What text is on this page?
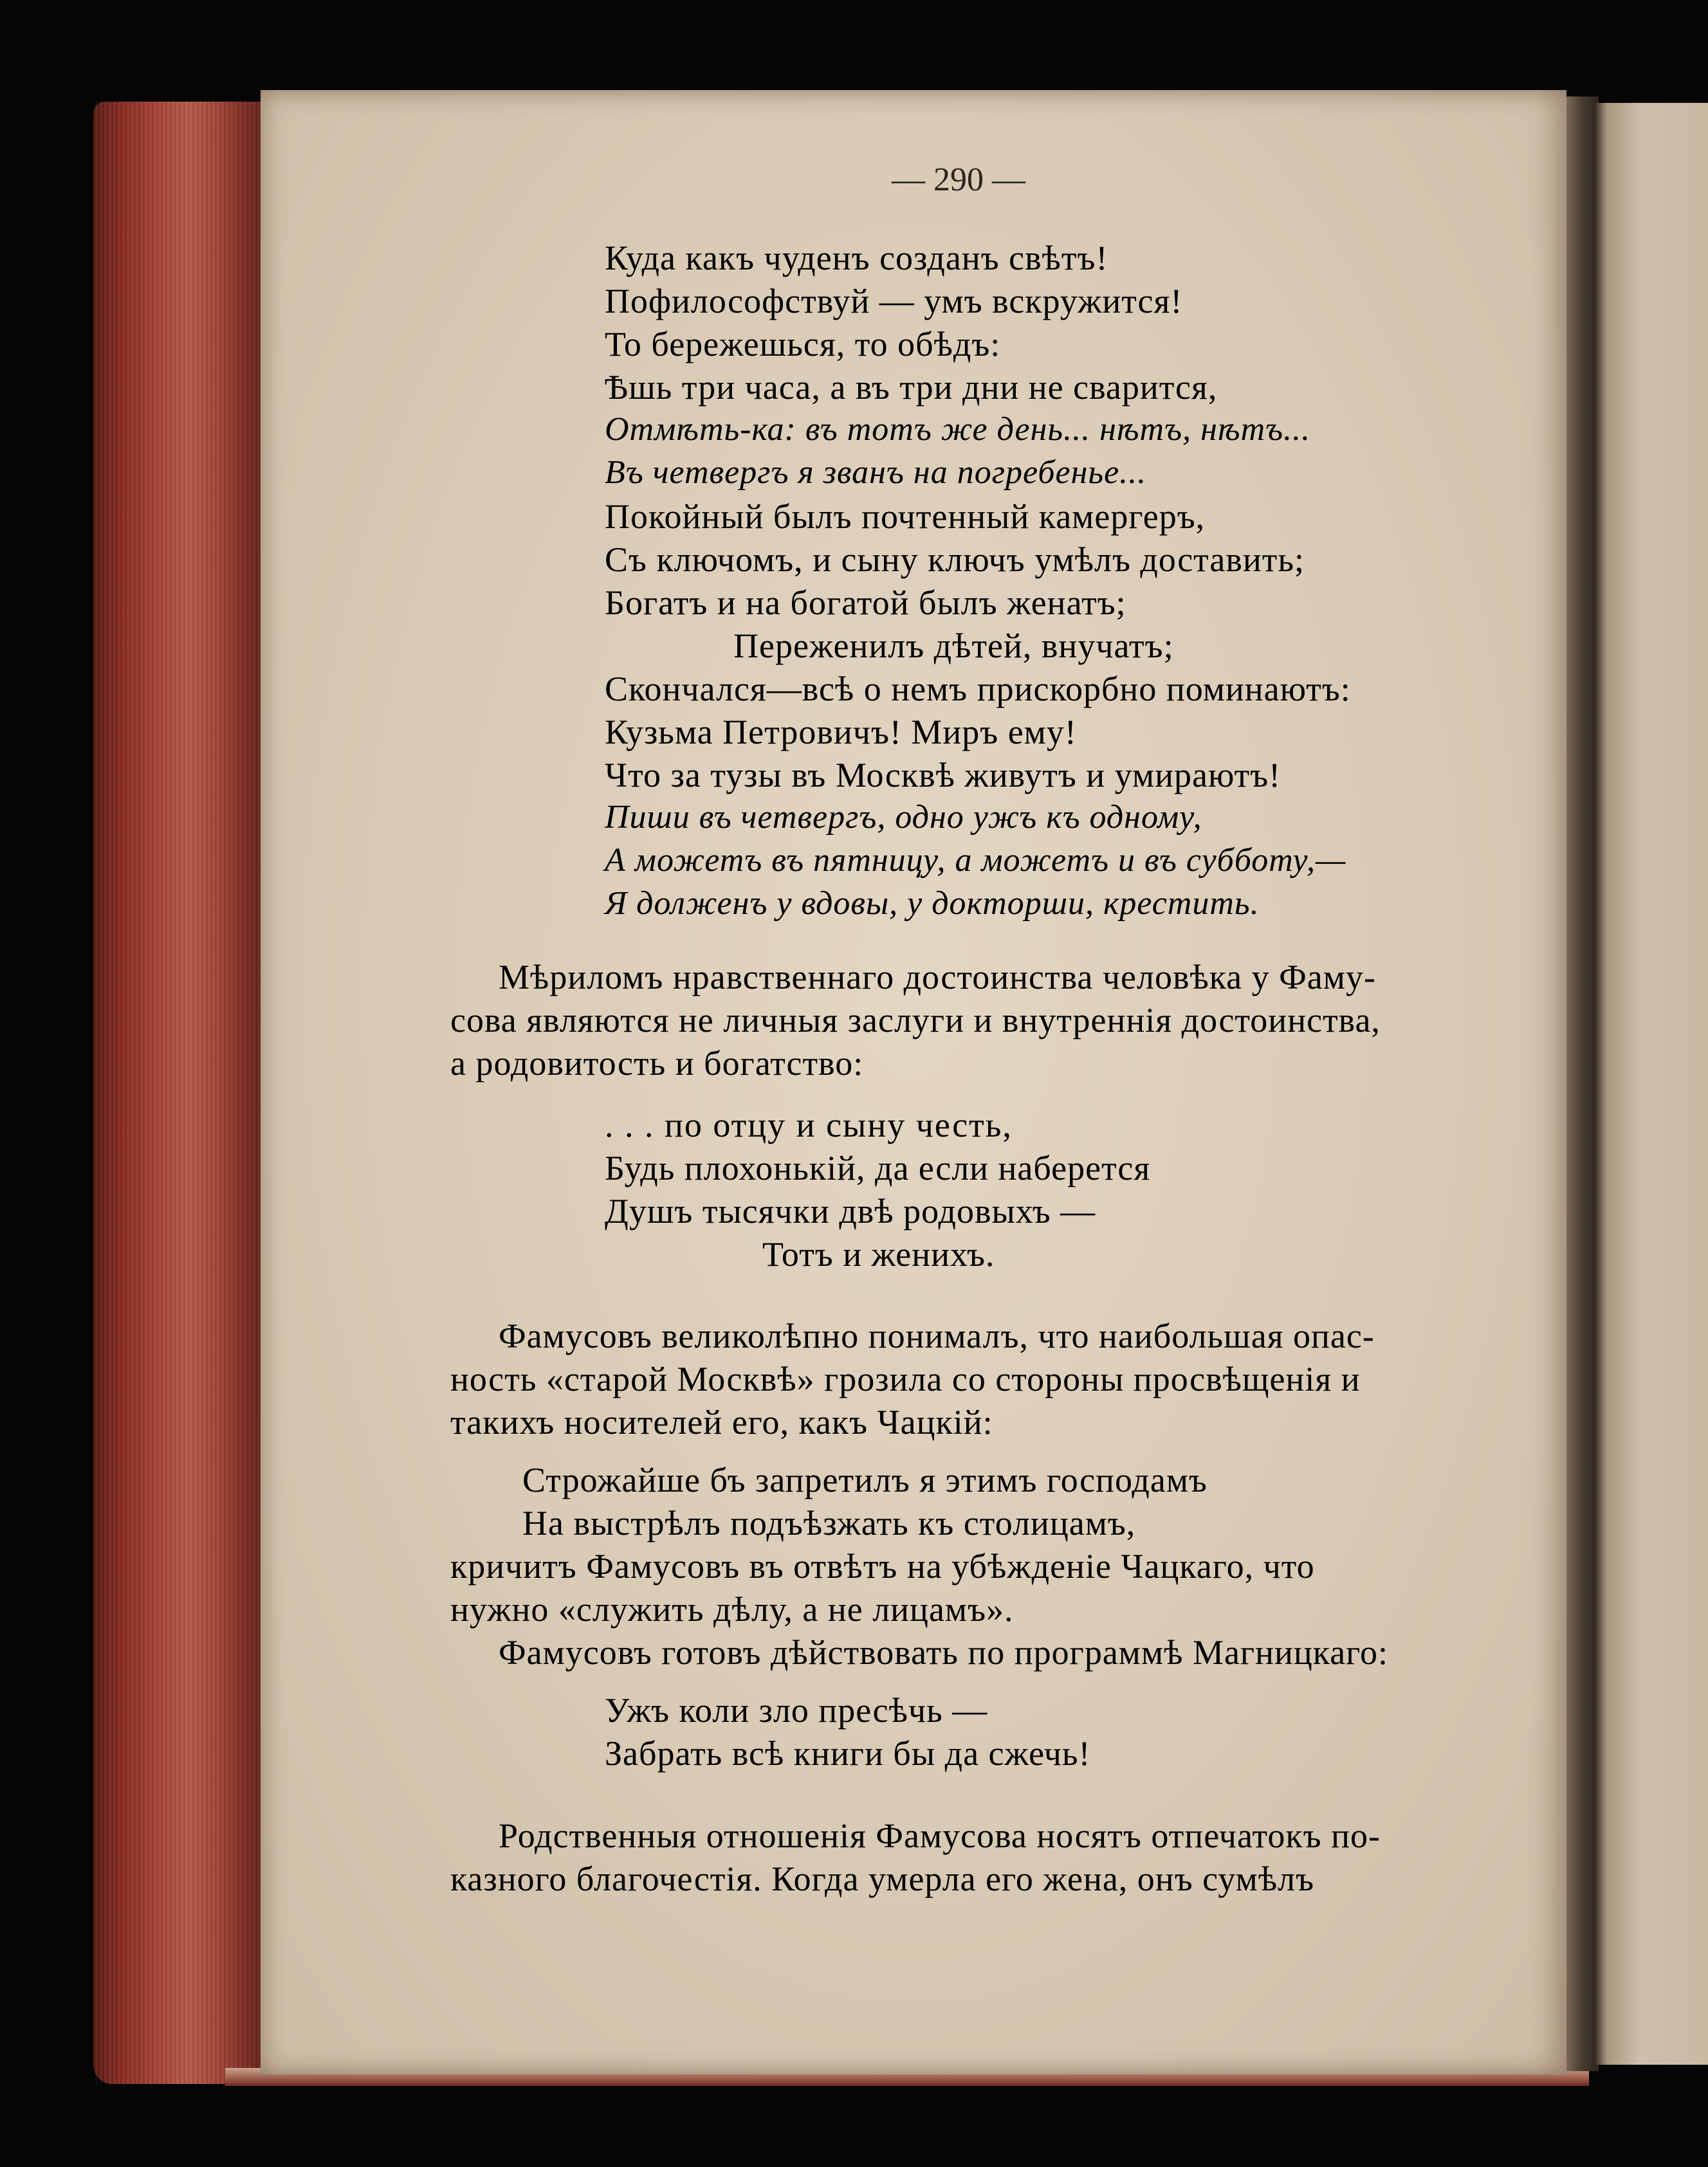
— 290 —
Куда какъ чуденъ созданъ свѣтъ!
Пофилософствуй — умъ вскружится!
То бережешься, то обѣдъ:
Ѣшь три часа, а въ три дни не сварится,
Отмѣть-ка: въ тотъ же день... нѣтъ, нѣтъ...
Въ четвергъ я званъ на погребенье...
Покойный былъ почтенный камергеръ,
Съ ключомъ, и сыну ключъ умѣлъ доставить;
Богатъ и на богатой былъ женатъ;
Переженилъ дѣтей, внучатъ;
Скончался—всѣ о немъ прискорбно поминаютъ:
Кузьма Петровичъ! Миръ ему!
Что за тузы въ Москвѣ живутъ и умираютъ!
Пиши въ четвергъ, одно ужъ къ одному,
А можетъ въ пятницу, а можетъ и въ субботу,—
Я долженъ у вдовы, у докторши, крестить.
Мѣриломъ нравственнаго достоинства человѣка у Фаму-
сова являются не личныя заслуги и внутреннія достоинства,
а родовитость и богатство:
. . . по отцу и сыну честь,
Будь плохонькій, да если наберется
Душъ тысячки двѣ родовыхъ —
Тотъ и женихъ.
Фамусовъ великолѣпно понималъ, что наибольшая опас-
ность «старой Москвѣ» грозила со стороны просвѣщенія и
такихъ носителей его, какъ Чацкій:
Строжайше бъ запретилъ я этимъ господамъ
На выстрѣлъ подъѣзжать къ столицамъ,
кричитъ Фамусовъ въ отвѣтъ на убѣжденіе Чацкаго, что
нужно «служить дѣлу, а не лицамъ».
Фамусовъ готовъ дѣйствовать по программѣ Магницкаго:
Ужъ коли зло пресѣчь —
Забрать всѣ книги бы да сжечь!
Родственныя отношенія Фамусова носятъ отпечатокъ по-
казного благочестія. Когда умерла его жена, онъ сумѣлъ
